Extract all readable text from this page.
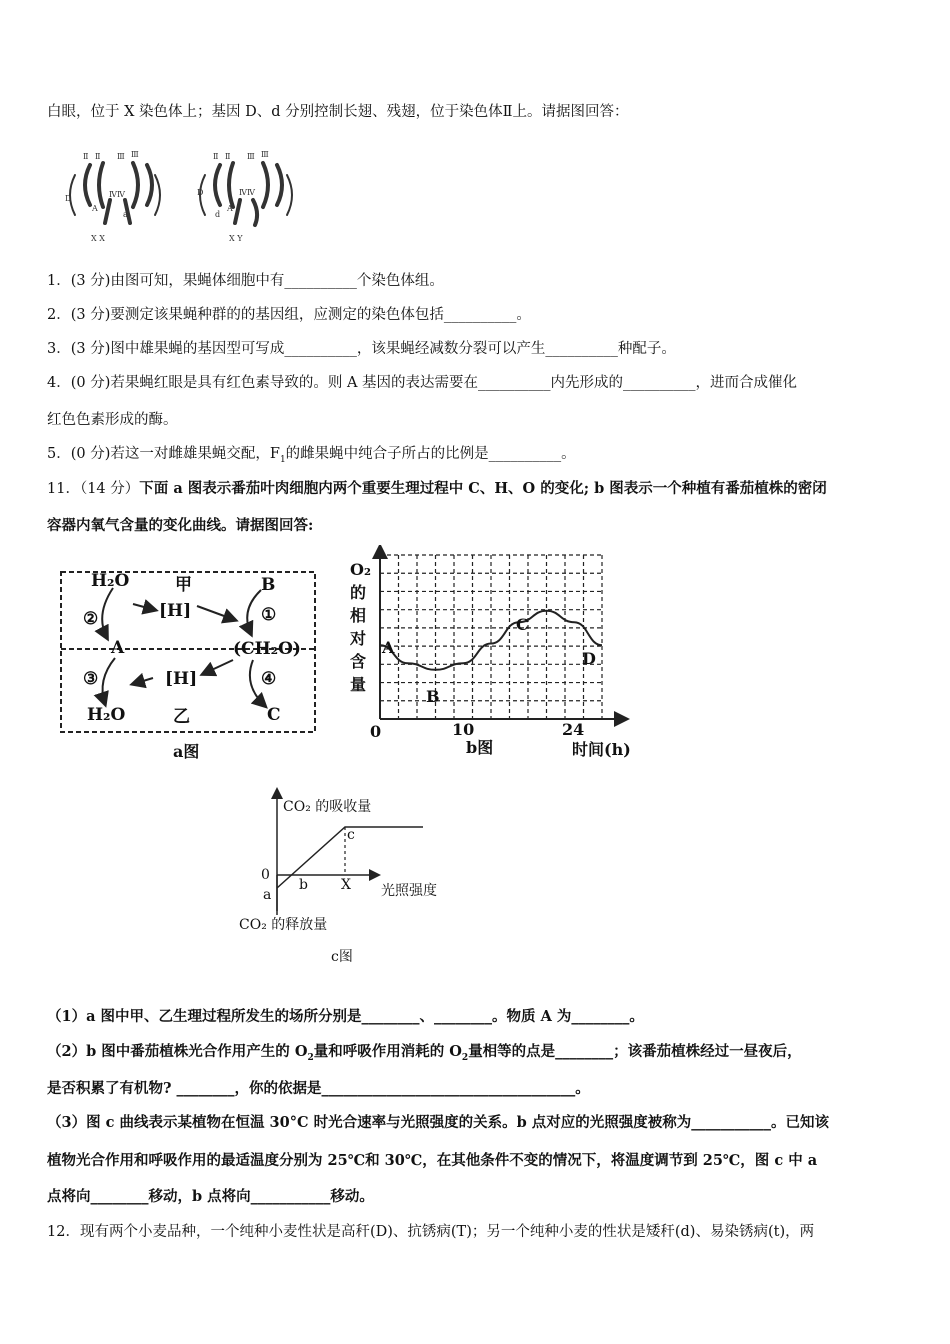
白眼，位于 X 染色体上；基因 D、d 分别控制长翅、残翅，位于染色体Ⅱ上。请据图回答：
Ⅱ Ⅱ Ⅲ Ⅲ
ⅣⅣ
D
A
a
X X
Ⅱ Ⅱ Ⅲ Ⅲ
ⅣⅣ
D
A
d
X Y
1．(3 分)由图可知，果蝇体细胞中有__________个染色体组。
2．(3 分)要测定该果蝇种群的的基因组，应测定的染色体包括__________。
3．(3 分)图中雄果蝇的基因型可写成__________，该果蝇经减数分裂可以产生__________种配子。
4．(0 分)若果蝇红眼是具有红色素导致的。则 A 基因的表达需要在__________内先形成的__________，进而合成催化
红色色素形成的酶。
5．(0 分)若这一对雌雄果蝇交配，$F_1$的雌果蝇中纯合子所占的比例是__________。
11．（14 分）下面 a 图表示番茄叶肉细胞内两个重要生理过程中 C、H、O 的变化; b 图表示一个种植有番茄植株的密闭
容器内氧气含量的变化曲线。请据图回答:
H₂O	甲	B
②	[H]	①
A	(CH₂O)
③	[H]	④
H₂O	乙	C
a图
O₂
的
相
对
含
量
A
B
C
D
0	10	24
b图	时间(h)
CO₂ 的吸收量
0
a
b X
c
光照强度
CO₂ 的释放量
c图
（1）a 图中甲、乙生理过程所发生的场所分别是________、________。物质 A 为________。
（2）b 图中番茄植株光合作用产生的 $O_2$量和呼吸作用消耗的 $O_2$量相等的点是________；该番茄植株经过一昼夜后，
是否积累了有机物? ________，你的依据是___________________________________。
（3）图 c 曲线表示某植物在恒温 30°C 时光合速率与光照强度的关系。b 点对应的光照强度被称为___________。已知该
植物光合作用和呼吸作用的最适温度分别为 25℃和 30℃，在其他条件不变的情况下，将温度调节到 25℃，图 c 中 a
点将向________移动，b 点将向___________移动。
12．现有两个小麦品种，一个纯种小麦性状是高秆(D)、抗锈病(T)；另一个纯种小麦的性状是矮秆(d)、易染锈病(t)，两
